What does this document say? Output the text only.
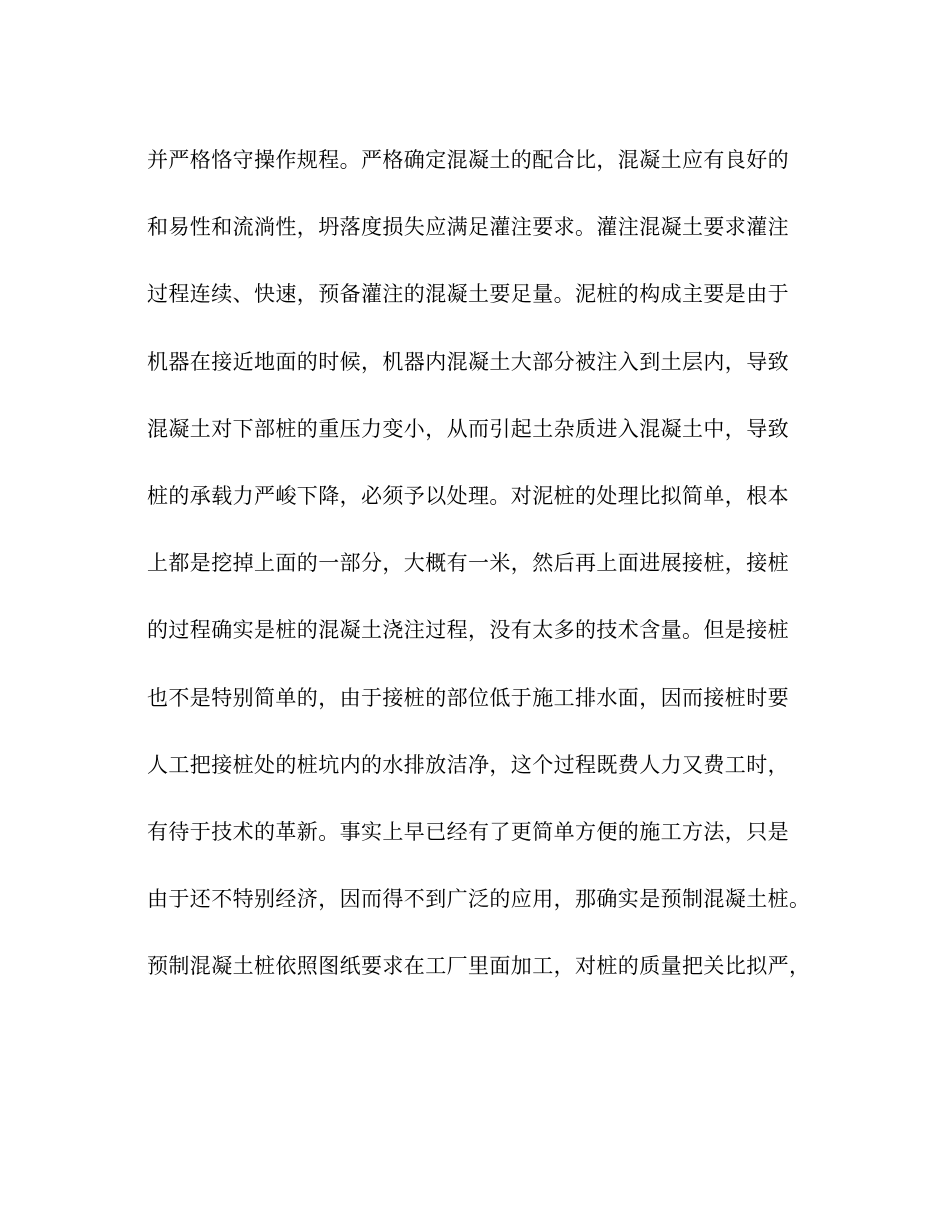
并严格恪守操作规程。严格确定混凝土的配合比，混凝土应有良好的
和易性和流淌性，坍落度损失应满足灌注要求。灌注混凝土要求灌注
过程连续、快速，预备灌注的混凝土要足量。泥桩的构成主要是由于
机器在接近地面的时候，机器内混凝土大部分被注入到土层内，导致
混凝土对下部桩的重压力变小，从而引起土杂质进入混凝土中，导致
桩的承载力严峻下降，必须予以处理。对泥桩的处理比拟简单，根本
上都是挖掉上面的一部分，大概有一米，然后再上面进展接桩，接桩
的过程确实是桩的混凝土浇注过程，没有太多的技术含量。但是接桩
也不是特别简单的，由于接桩的部位低于施工排水面，因而接桩时要
人工把接桩处的桩坑内的水排放洁净，这个过程既费人力又费工时，
有待于技术的革新。事实上早已经有了更简单方便的施工方法，只是
由于还不特别经济，因而得不到广泛的应用，那确实是预制混凝土桩。
预制混凝土桩依照图纸要求在工厂里面加工，对桩的质量把关比拟严，
